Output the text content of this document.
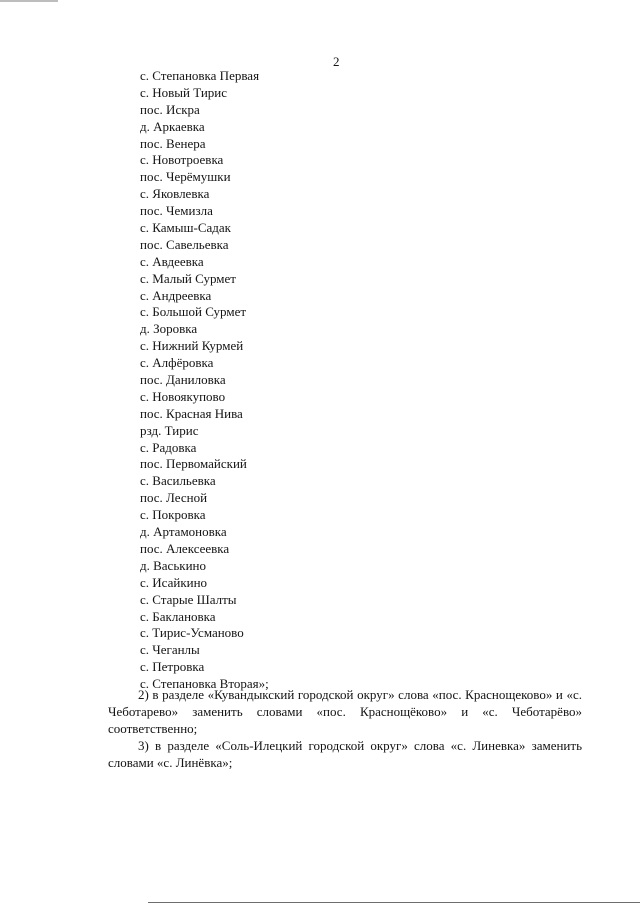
2
с. Степановка Первая
с. Новый Тирис
пос. Искра
д. Аркаевка
пос. Венера
с. Новотроевка
пос. Черёмушки
с. Яковлевка
пос. Чемизла
с. Камыш-Садак
пос. Савельевка
с. Авдеевка
с. Малый Сурмет
с. Андреевка
с. Большой Сурмет
д. Зоровка
с. Нижний Курмей
с. Алфёровка
пос. Даниловка
с. Новоякупово
пос. Красная Нива
рзд. Тирис
с. Радовка
пос. Первомайский
с. Васильевка
пос. Лесной
с. Покровка
д. Артамоновка
пос. Алексеевка
д. Васькино
с. Исайкино
с. Старые Шалты
с. Баклановка
с. Тирис-Усманово
с. Чеганлы
с. Петровка
с. Степановка Вторая»;

2) в разделе «Кувандыкский городской округ» слова «пос. Краснощеково» и «с. Чеботарево» заменить словами «пос. Краснощёково» и «с. Чеботарёво» соответственно;

3) в разделе «Соль-Илецкий городской округ» слова «с. Линевка» заменить словами «с. Линёвка»;
